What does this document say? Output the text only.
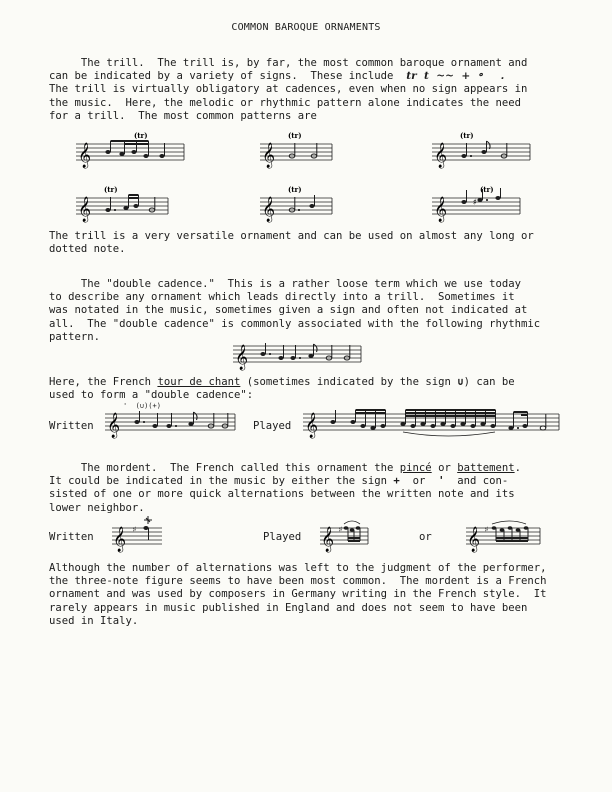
COMMON BAROQUE ORNAMENTS
The trill.  The trill is, by far, the most common baroque ornament and
can be indicated by a variety of signs.  These include tr  t  ~~  +  ॰     .
The trill is virtually obligatory at cadences, even when no sign appears in
the music.  Here, the melodic or rhythmic pattern alone indicates the need
for a trill.  The most common patterns are
(tr)
𝄞
(tr)
𝄞
(tr)
𝄞
(tr)
𝄞
(tr)
𝄞
(tr)
𝄞	♯
The trill is a very versatile ornament and can be used on almost any long or
dotted note.
The "double cadence."  This is a rather loose term which we use today
to describe any ornament which leads directly into a trill.  Sometimes it
was notated in the music, sometimes given a sign and often not indicated at
all.  The "double cadence" is commonly associated with the following rhythmic
pattern.
𝄞
Here, the French tour de chant (sometimes indicated by the sign ∪) can be
used to form a "double cadence":
Written
'  (∪)(+)
𝄞	Played 𝄞
The mordent.  The French called this ornament the pincé or battement.
It could be indicated in the music by either the sign +  or  '  and con-
sisted of one or more quick alternations between the written note and its
lower neighbor.
Written 𝄞 ♯
Played 𝄞 ♯
or 𝄞 ♯
Although the number of alternations was left to the judgment of the performer,
the three-note figure seems to have been most common.  The mordent is a French
ornament and was used by composers in Germany writing in the French style.  It
rarely appears in music published in England and does not seem to have been
used in Italy.
